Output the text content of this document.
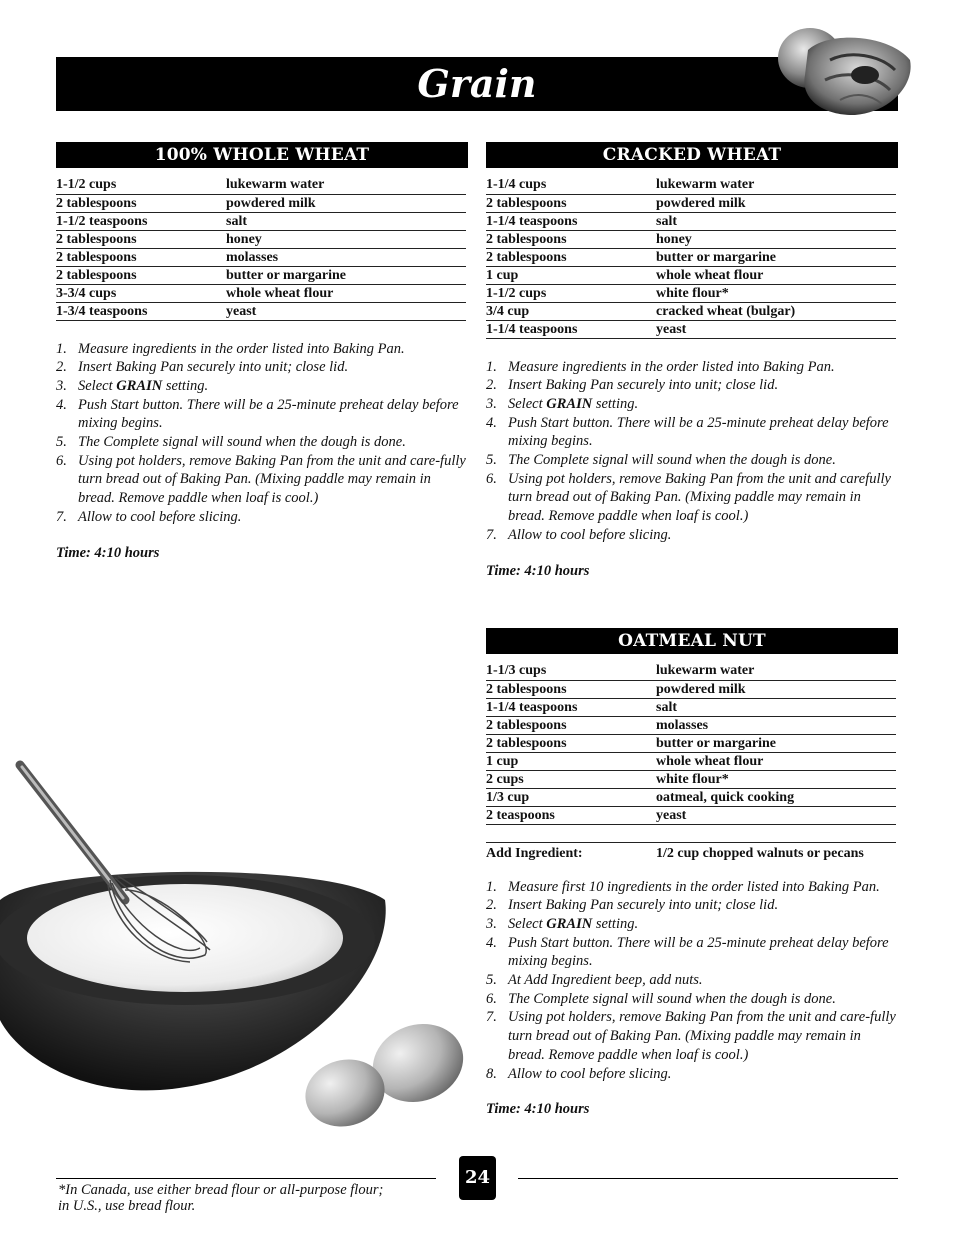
Grain
100% WHOLE WHEAT
1-1/2 cups	lukewarm water
2 tablespoons	powdered milk
1-1/2 teaspoons	salt
2 tablespoons	honey
2 tablespoons	molasses
2 tablespoons	butter or margarine
3-3/4 cups	whole wheat flour
1-3/4 teaspoons	yeast
1. Measure ingredients in the order listed into Baking Pan.
2. Insert Baking Pan securely into unit; close lid.
3. Select GRAIN setting.
4. Push Start button. There will be a 25-minute preheat delay before mixing begins.
5. The Complete signal will sound when the dough is done.
6. Using pot holders, remove Baking Pan from the unit and care-fully turn bread out of Baking Pan. (Mixing paddle may remain in bread. Remove paddle when loaf is cool.)
7. Allow to cool before slicing.
Time: 4:10 hours
CRACKED WHEAT
1-1/4 cups	lukewarm water
2 tablespoons	powdered milk
1-1/4 teaspoons	salt
2 tablespoons	honey
2 tablespoons	butter or margarine
1 cup	whole wheat flour
1-1/2 cups	white flour*
3/4 cup	cracked wheat (bulgar)
1-1/4 teaspoons	yeast
1. Measure ingredients in the order listed into Baking Pan.
2. Insert Baking Pan securely into unit; close lid.
3. Select GRAIN setting.
4. Push Start button. There will be a 25-minute preheat delay before mixing begins.
5. The Complete signal will sound when the dough is done.
6. Using pot holders, remove Baking Pan from the unit and carefully turn bread out of Baking Pan. (Mixing paddle may remain in bread. Remove paddle when loaf is cool.)
7. Allow to cool before slicing.
Time: 4:10 hours
OATMEAL NUT
1-1/3 cups	lukewarm water
2 tablespoons	powdered milk
1-1/4 teaspoons	salt
2 tablespoons	molasses
2 tablespoons	butter or margarine
1 cup	whole wheat flour
2 cups	white flour*
1/3 cup	oatmeal, quick cooking
2 teaspoons	yeast

Add Ingredient:	1/2 cup chopped walnuts or pecans
1. Measure first 10 ingredients in the order listed into Baking Pan.
2. Insert Baking Pan securely into unit; close lid.
3. Select GRAIN setting.
4. Push Start button. There will be a 25-minute preheat delay before mixing begins.
5. At Add Ingredient beep, add nuts.
6. The Complete signal will sound when the dough is done.
7. Using pot holders, remove Baking Pan from the unit and care-fully turn bread out of Baking Pan. (Mixing paddle may remain in bread. Remove paddle when loaf is cool.)
8. Allow to cool before slicing.
Time: 4:10 hours
24
*In Canada, use either bread flour or all-purpose flour;
in U.S., use bread flour.
